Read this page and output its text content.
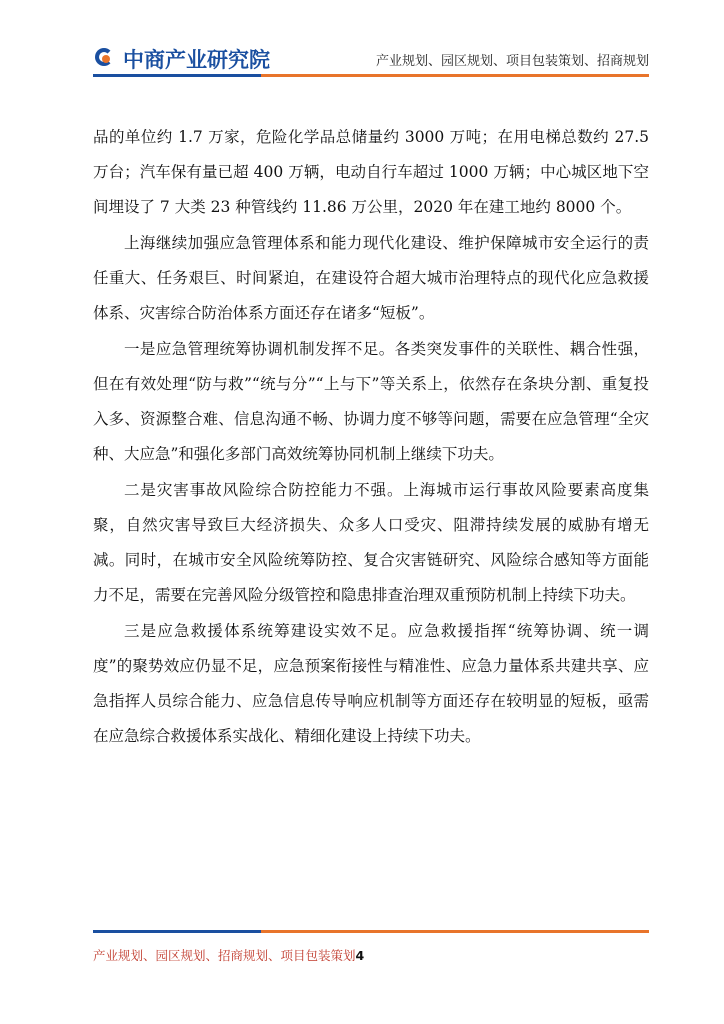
中商产业研究院	产业规划、园区规划、项目包装策划、招商规划

品的单位约 1.7 万家，危险化学品总储量约 3000 万吨；在用电梯总数约 27.5 万台；汽车保有量已超 400 万辆，电动自行车超过 1000 万辆；中心城区地下空间埋设了 7 大类 23 种管线约 11.86 万公里，2020 年在建工地约 8000 个。

上海继续加强应急管理体系和能力现代化建设、维护保障城市安全运行的责任重大、任务艰巨、时间紧迫，在建设符合超大城市治理特点的现代化应急救援体系、灾害综合防治体系方面还存在诸多“短板”。

一是应急管理统筹协调机制发挥不足。各类突发事件的关联性、耦合性强，但在有效处理“防与救”“统与分”“上与下”等关系上，依然存在条块分割、重复投入多、资源整合难、信息沟通不畅、协调力度不够等问题，需要在应急管理“全灾种、大应急”和强化多部门高效统筹协同机制上继续下功夫。

二是灾害事故风险综合防控能力不强。上海城市运行事故风险要素高度集聚，自然灾害导致巨大经济损失、众多人口受灾、阻滞持续发展的威胁有增无减。同时，在城市安全风险统筹防控、复合灾害链研究、风险综合感知等方面能力不足，需要在完善风险分级管控和隐患排查治理双重预防机制上持续下功夫。

三是应急救援体系统筹建设实效不足。应急救援指挥“统筹协调、统一调度”的聚势效应仍显不足，应急预案衔接性与精准性、应急力量体系共建共享、应急指挥人员综合能力、应急信息传导响应机制等方面还存在较明显的短板，亟需在应急综合救援体系实战化、精细化建设上持续下功夫。

产业规划、园区规划、招商规划、项目包装策划4
